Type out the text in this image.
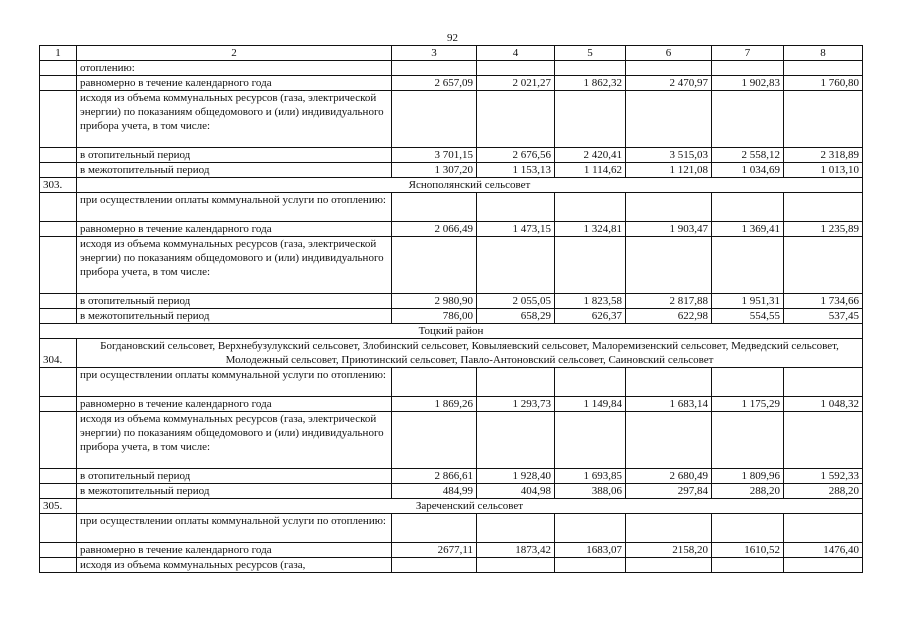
92
1	2	3	4	5	6	7	8
	отоплению:						
	равномерно в течение календарного года	2 657,09	2 021,27	1 862,32	2 470,97	1 902,83	1 760,80
	исходя из объема коммунальных ресурсов (газа, электрической энергии) по показаниям общедомового и (или) индивидуального прибора учета, в том числе:						
	в отопительный период	3 701,15	2 676,56	2 420,41	3 515,03	2 558,12	2 318,89
	в межотопительный период	1 307,20	1 153,13	1 114,62	1 121,08	1 034,69	1 013,10
303.	Яснополянский сельсовет						
	при осуществлении оплаты коммунальной услуги по отоплению:						
	равномерно в течение календарного года	2 066,49	1 473,15	1 324,81	1 903,47	1 369,41	1 235,89
	исходя из объема коммунальных ресурсов (газа, электрической энергии) по показаниям общедомового и (или) индивидуального прибора учета, в том числе:						
	в отопительный период	2 980,90	2 055,05	1 823,58	2 817,88	1 951,31	1 734,66
	в межотопительный период	786,00	658,29	626,37	622,98	554,55	537,45
Тоцкий район							
304.	Богдановский сельсовет, Верхнебузулукский сельсовет, Злобинский сельсовет, Ковыляевский сельсовет, Малоремизенский сельсовет, Медведский сельсовет, Молодежный сельсовет, Приютинский сельсовет, Павло-Антоновский сельсовет, Саиновский сельсовет						
	при осуществлении оплаты коммунальной услуги по отоплению:						
	равномерно в течение календарного года	1 869,26	1 293,73	1 149,84	1 683,14	1 175,29	1 048,32
	исходя из объема коммунальных ресурсов (газа, электрической энергии) по показаниям общедомового и (или) индивидуального прибора учета, в том числе:						
	в отопительный период	2 866,61	1 928,40	1 693,85	2 680,49	1 809,96	1 592,33
	в межотопительный период	484,99	404,98	388,06	297,84	288,20	288,20
305.	Зареченский сельсовет						
	при осуществлении оплаты коммунальной услуги по отоплению:						
	равномерно в течение календарного года	2677,11	1873,42	1683,07	2158,20	1610,52	1476,40
	исходя из объема коммунальных ресурсов (газа,						
